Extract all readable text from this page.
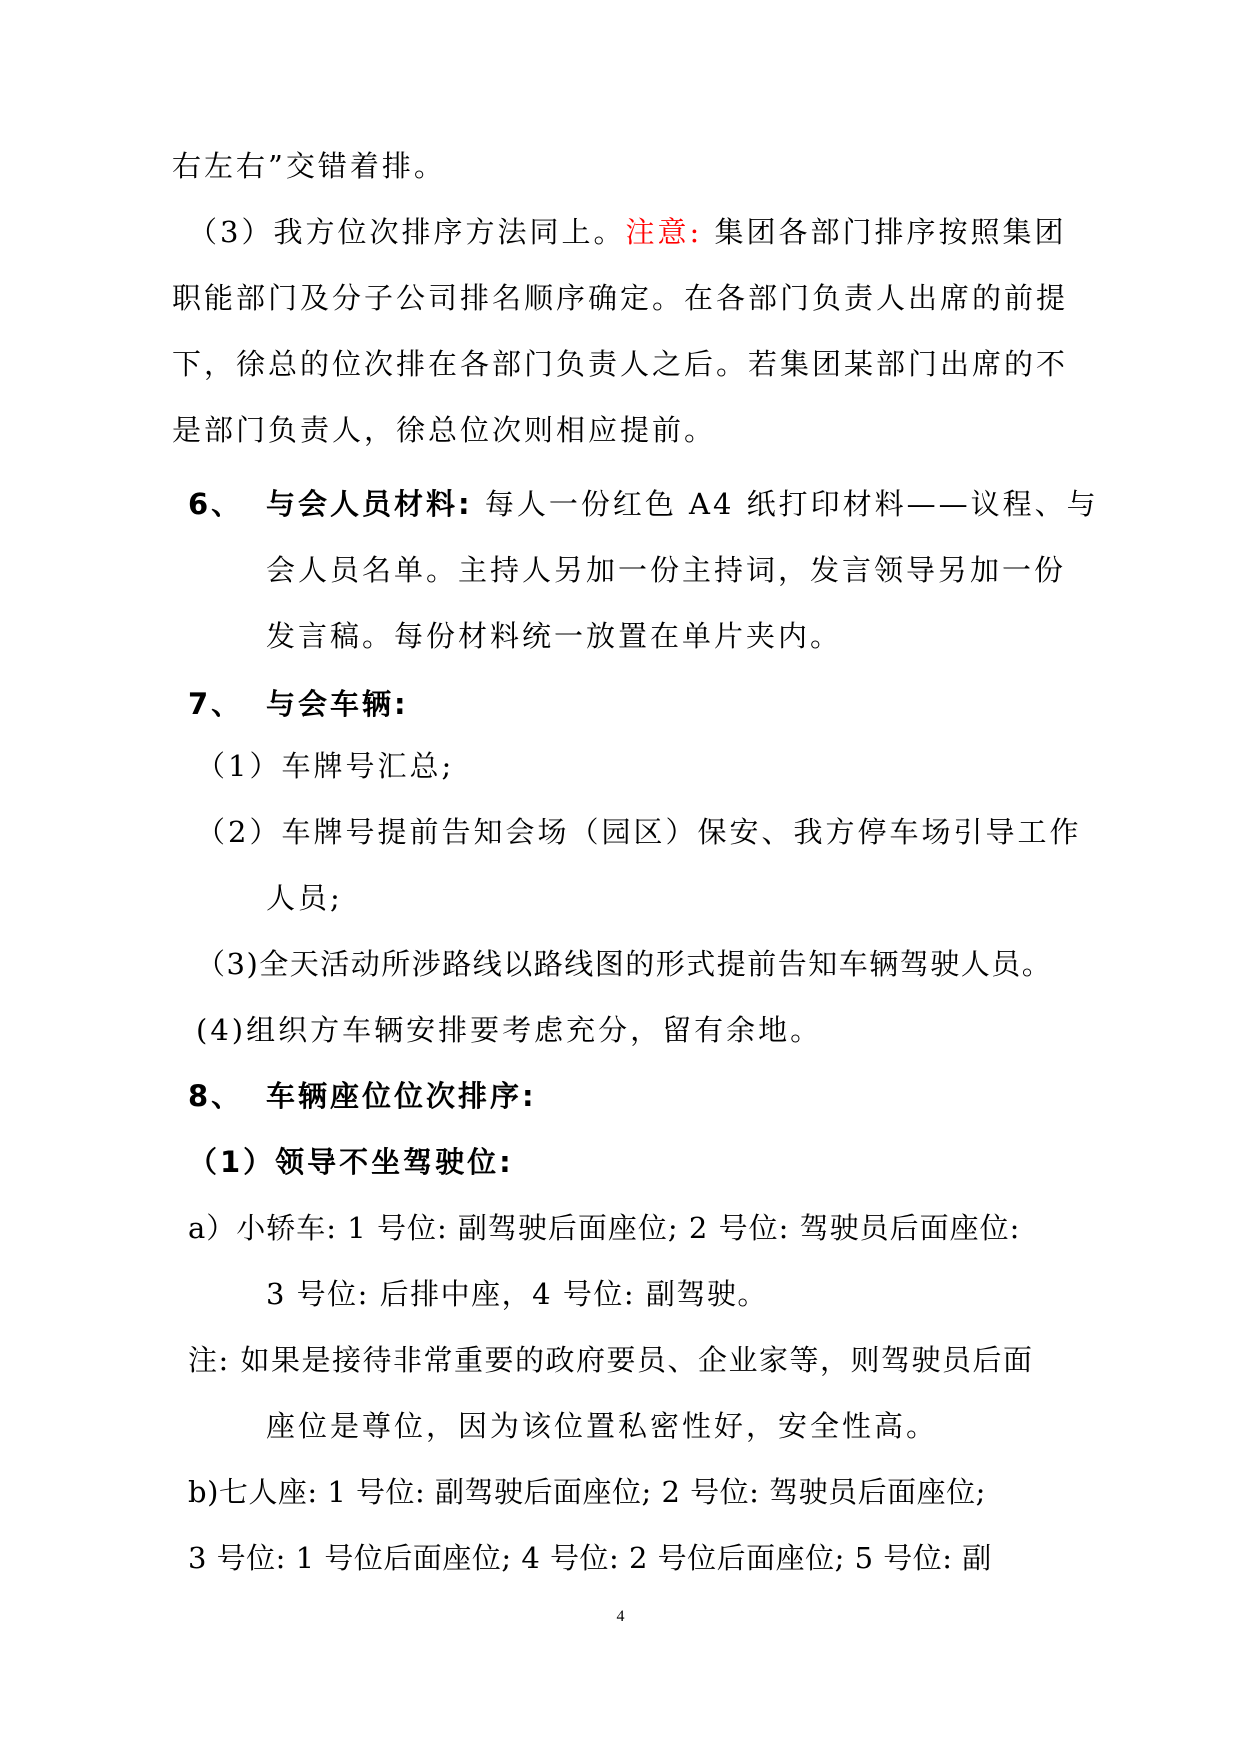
右左右”交错着排。
（3）我方位次排序方法同上。注意: 集团各部门排序按照集团
职能部门及分子公司排名顺序确定。在各部门负责人出席的前提
下，徐总的位次排在各部门负责人之后。若集团某部门出席的不
是部门负责人，徐总位次则相应提前。
6、 与会人员材料: 每人一份红色 A4 纸打印材料——议程、与
会人员名单。主持人另加一份主持词，发言领导另加一份
发言稿。每份材料统一放置在单片夹内。
7、 与会车辆:
（1）车牌号汇总;
（2）车牌号提前告知会场（园区）保安、我方停车场引导工作
人员;
（3)全天活动所涉路线以路线图的形式提前告知车辆驾驶人员。
(4)组织方车辆安排要考虑充分，留有余地。
8、 车辆座位位次排序:
（1）领导不坐驾驶位:
a）小轿车: 1 号位: 副驾驶后面座位; 2 号位: 驾驶员后面座位:
3 号位: 后排中座，4 号位: 副驾驶。
注: 如果是接待非常重要的政府要员、企业家等，则驾驶员后面
座位是尊位，因为该位置私密性好，安全性高。
b)七人座: 1 号位: 副驾驶后面座位; 2 号位: 驾驶员后面座位;
3 号位: 1 号位后面座位; 4 号位: 2 号位后面座位; 5 号位: 副
4
